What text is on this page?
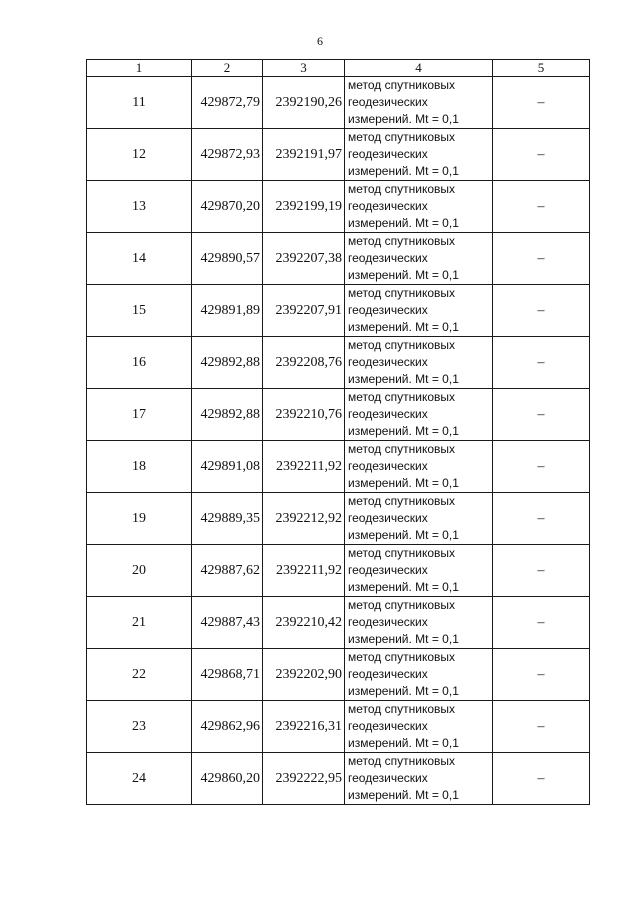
6
1	2	3	4	5
11	429872,79	2392190,26	метод спутниковых
геодезических
измерений. Mt = 0,1	–
12	429872,93	2392191,97	метод спутниковых
геодезических
измерений. Mt = 0,1	–
13	429870,20	2392199,19	метод спутниковых
геодезических
измерений. Mt = 0,1	–
14	429890,57	2392207,38	метод спутниковых
геодезических
измерений. Mt = 0,1	–
15	429891,89	2392207,91	метод спутниковых
геодезических
измерений. Mt = 0,1	–
16	429892,88	2392208,76	метод спутниковых
геодезических
измерений. Mt = 0,1	–
17	429892,88	2392210,76	метод спутниковых
геодезических
измерений. Mt = 0,1	–
18	429891,08	2392211,92	метод спутниковых
геодезических
измерений. Mt = 0,1	–
19	429889,35	2392212,92	метод спутниковых
геодезических
измерений. Mt = 0,1	–
20	429887,62	2392211,92	метод спутниковых
геодезических
измерений. Mt = 0,1	–
21	429887,43	2392210,42	метод спутниковых
геодезических
измерений. Mt = 0,1	–
22	429868,71	2392202,90	метод спутниковых
геодезических
измерений. Mt = 0,1	–
23	429862,96	2392216,31	метод спутниковых
геодезических
измерений. Mt = 0,1	–
24	429860,20	2392222,95	метод спутниковых
геодезических
измерений. Mt = 0,1	–
